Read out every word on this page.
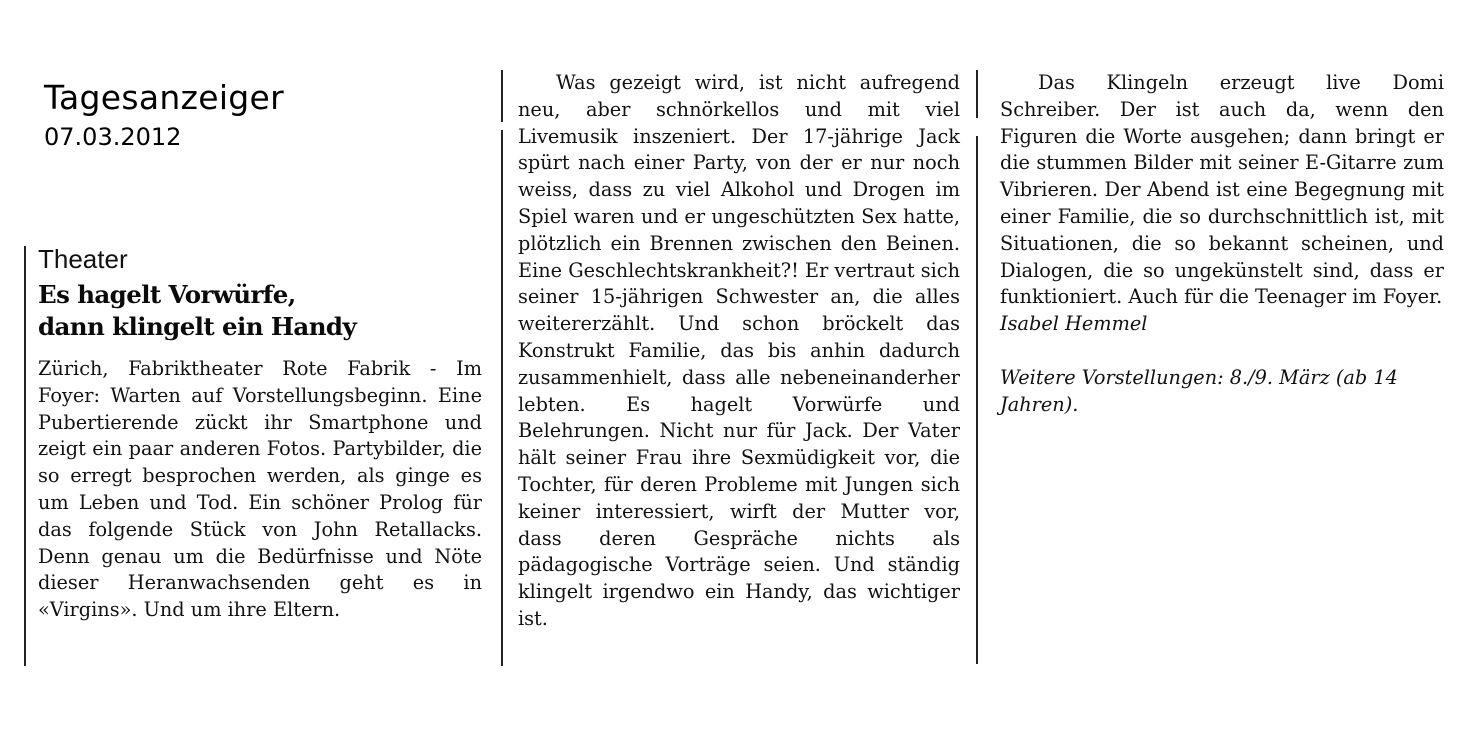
Tagesanzeiger
07.03.2012
Theater
Es hagelt Vorwürfe,
dann klingelt ein Handy

Zürich, Fabriktheater Rote Fabrik - Im Foyer: Warten auf Vorstellungsbeginn. Eine Pubertierende zückt ihr Smartphone und zeigt ein paar anderen Fotos. Partybilder, die so erregt besprochen werden, als ginge es um Leben und Tod. Ein schöner Prolog für das folgende Stück von John Retallacks. Denn genau um die Bedürfnisse und Nöte dieser Heranwachsenden geht es in «Virgins». Und um ihre Eltern.

Was gezeigt wird, ist nicht aufregend neu, aber schnörkellos und mit viel Livemusik inszeniert. Der 17-jährige Jack spürt nach einer Party, von der er nur noch weiss, dass zu viel Alkohol und Drogen im Spiel waren und er ungeschützten Sex hatte, plötzlich ein Brennen zwischen den Beinen. Eine Geschlechtskrankheit?! Er vertraut sich seiner 15-jährigen Schwester an, die alles weitererzählt. Und schon bröckelt das Konstrukt Familie, das bis anhin dadurch zusammenhielt, dass alle nebeneinanderher lebten. Es hagelt Vorwürfe und Belehrungen. Nicht nur für Jack. Der Vater hält seiner Frau ihre Sexmüdigkeit vor, die Tochter, für deren Probleme mit Jungen sich keiner interessiert, wirft der Mutter vor, dass deren Gespräche nichts als pädagogische Vorträge seien. Und ständig klingelt irgendwo ein Handy, das wichtiger ist.

Das Klingeln erzeugt live Domi Schreiber. Der ist auch da, wenn den Figuren die Worte ausgehen; dann bringt er die stummen Bilder mit seiner E-Gitarre zum Vibrieren. Der Abend ist eine Begegnung mit einer Familie, die so durchschnittlich ist, mit Situationen, die so bekannt scheinen, und Dialogen, die so ungekünstelt sind, dass er funktioniert. Auch für die Teenager im Foyer.

Isabel Hemmel

Weitere Vorstellungen: 8./9. März (ab 14 Jahren).
